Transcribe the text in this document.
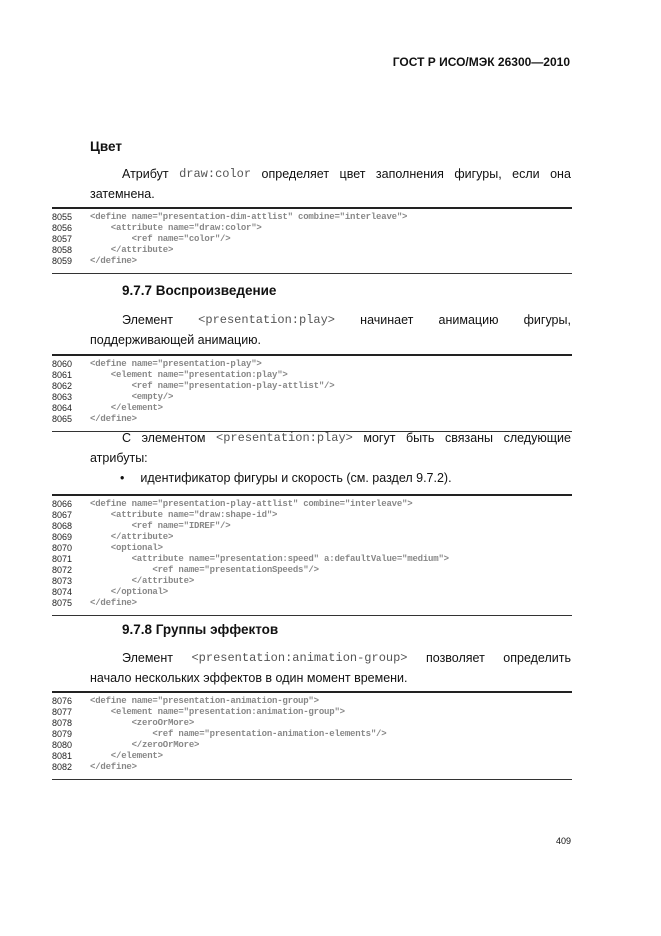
ГОСТ Р ИСО/МЭК 26300—2010
Цвет
Атрибут draw:color определяет цвет заполнения фигуры, если она
затемнена.
8055	<define name="presentation-dim-attlist" combine="interleave">
8056	<attribute name="draw:color">
8057	<ref name="color"/>
8058	</attribute>
8059	</define>
9.7.7 Воспроизведение
Элемент <presentation:play> начинает анимацию фигуры,
поддерживающей анимацию.
8060	<define name="presentation-play">
8061	<element name="presentation:play">
8062	<ref name="presentation-play-attlist"/>
8063	<empty/>
8064	</element>
8065	</define>
С элементом <presentation:play> могут быть связаны следующие
атрибуты:
• идентификатор фигуры и скорость (см. раздел 9.7.2).
8066	<define name="presentation-play-attlist" combine="interleave">
8067	<attribute name="draw:shape-id">
8068	<ref name="IDREF"/>
8069	</attribute>
8070	<optional>
8071	<attribute name="presentation:speed" a:defaultValue="medium">
8072	<ref name="presentationSpeeds"/>
8073	</attribute>
8074	</optional>
8075	</define>
9.7.8 Группы эффектов
Элемент <presentation:animation-group> позволяет определить
начало нескольких эффектов в один момент времени.
8076	<define name="presentation-animation-group">
8077	<element name="presentation:animation-group">
8078	<zeroOrMore>
8079	<ref name="presentation-animation-elements"/>
8080	</zeroOrMore>
8081	</element>
8082	</define>
409
